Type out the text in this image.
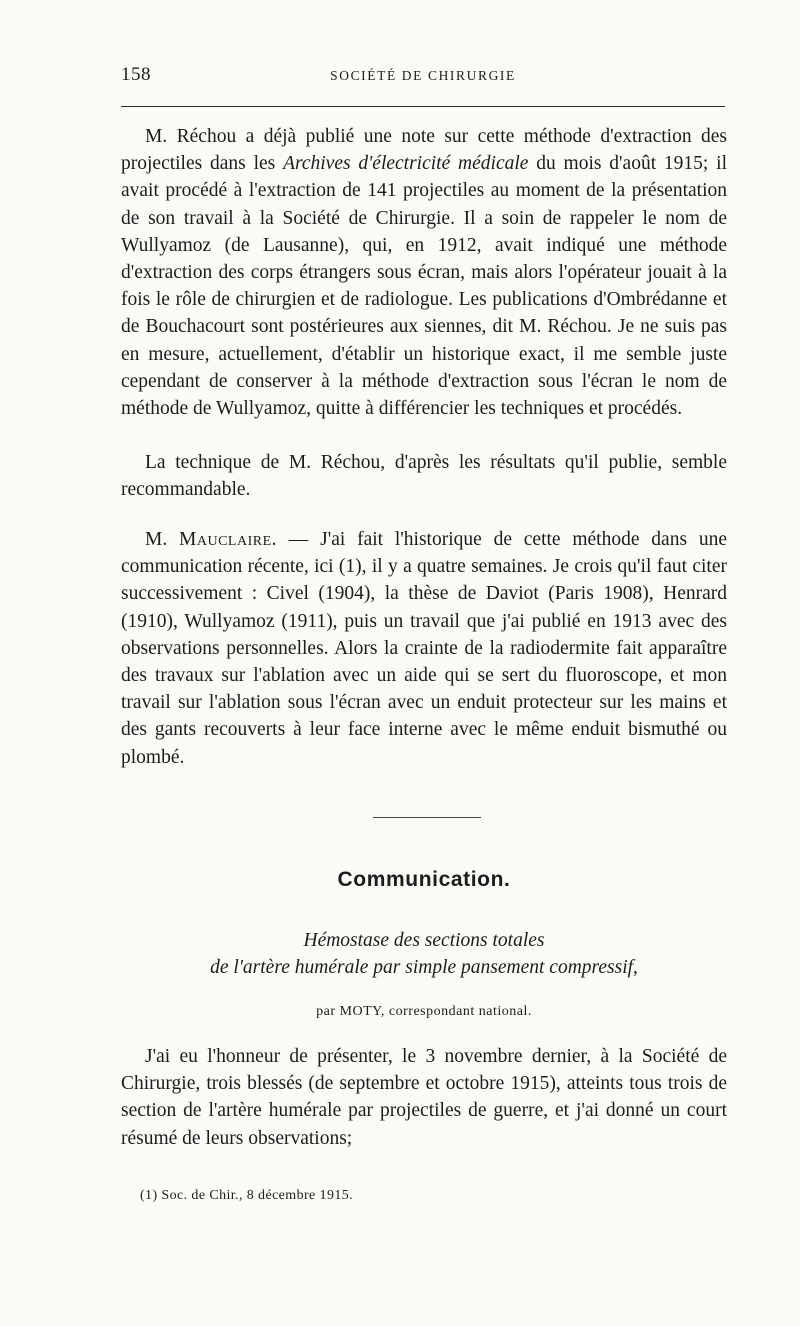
158	SOCIÉTÉ DE CHIRURGIE
M. Réchou a déjà publié une note sur cette méthode d'extraction des projectiles dans les Archives d'électricité médicale du mois d'août 1915; il avait procédé à l'extraction de 141 projectiles au moment de la présentation de son travail à la Société de Chirurgie. Il a soin de rappeler le nom de Wullyamoz (de Lausanne), qui, en 1912, avait indiqué une méthode d'extraction des corps étrangers sous écran, mais alors l'opérateur jouait à la fois le rôle de chirurgien et de radiologue. Les publications d'Ombrédanne et de Bouchacourt sont postérieures aux siennes, dit M. Réchou. Je ne suis pas en mesure, actuellement, d'établir un historique exact, il me semble juste cependant de conserver à la méthode d'extraction sous l'écran le nom de méthode de Wullyamoz, quitte à différencier les techniques et procédés.
La technique de M. Réchou, d'après les résultats qu'il publie, semble recommandable.
M. Mauclaire. — J'ai fait l'historique de cette méthode dans une communication récente, ici (1), il y a quatre semaines. Je crois qu'il faut citer successivement : Civel (1904), la thèse de Daviot (Paris 1908), Henrard (1910), Wullyamoz (1911), puis un travail que j'ai publié en 1913 avec des observations personnelles. Alors la crainte de la radiodermite fait apparaître des travaux sur l'ablation avec un aide qui se sert du fluoroscope, et mon travail sur l'ablation sous l'écran avec un enduit protecteur sur les mains et des gants recouverts à leur face interne avec le même enduit bismuthé ou plombé.
Communication.
Hémostase des sections totales
de l'artère humérale par simple pansement compressif,
par MOTY, correspondant national.
J'ai eu l'honneur de présenter, le 3 novembre dernier, à la Société de Chirurgie, trois blessés (de septembre et octobre 1915), atteints tous trois de section de l'artère humérale par projectiles de guerre, et j'ai donné un court résumé de leurs observations;
(1) Soc. de Chir., 8 décembre 1915.
